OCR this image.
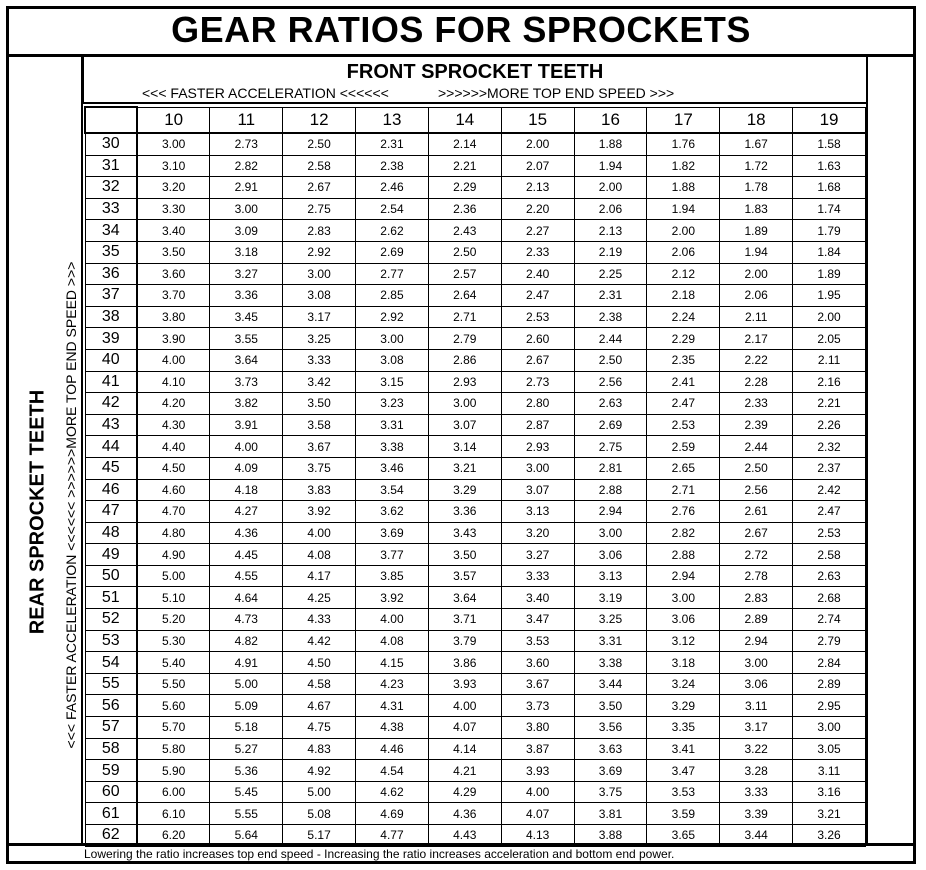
GEAR RATIOS FOR SPROCKETS
FRONT SPROCKET TEETH
<<< FASTER ACCELERATION <<<<<<	>>>>>>MORE TOP END SPEED >>>
REAR SPROCKET TEETH <<< FASTER ACCELERATION <<<<<< >>>>>>MORE TOP END SPEED >>>
	10	11	12	13	14	15	16	17	18	19
30	3.00	2.73	2.50	2.31	2.14	2.00	1.88	1.76	1.67	1.58
31	3.10	2.82	2.58	2.38	2.21	2.07	1.94	1.82	1.72	1.63
32	3.20	2.91	2.67	2.46	2.29	2.13	2.00	1.88	1.78	1.68
33	3.30	3.00	2.75	2.54	2.36	2.20	2.06	1.94	1.83	1.74
34	3.40	3.09	2.83	2.62	2.43	2.27	2.13	2.00	1.89	1.79
35	3.50	3.18	2.92	2.69	2.50	2.33	2.19	2.06	1.94	1.84
36	3.60	3.27	3.00	2.77	2.57	2.40	2.25	2.12	2.00	1.89
37	3.70	3.36	3.08	2.85	2.64	2.47	2.31	2.18	2.06	1.95
38	3.80	3.45	3.17	2.92	2.71	2.53	2.38	2.24	2.11	2.00
39	3.90	3.55	3.25	3.00	2.79	2.60	2.44	2.29	2.17	2.05
40	4.00	3.64	3.33	3.08	2.86	2.67	2.50	2.35	2.22	2.11
41	4.10	3.73	3.42	3.15	2.93	2.73	2.56	2.41	2.28	2.16
42	4.20	3.82	3.50	3.23	3.00	2.80	2.63	2.47	2.33	2.21
43	4.30	3.91	3.58	3.31	3.07	2.87	2.69	2.53	2.39	2.26
44	4.40	4.00	3.67	3.38	3.14	2.93	2.75	2.59	2.44	2.32
45	4.50	4.09	3.75	3.46	3.21	3.00	2.81	2.65	2.50	2.37
46	4.60	4.18	3.83	3.54	3.29	3.07	2.88	2.71	2.56	2.42
47	4.70	4.27	3.92	3.62	3.36	3.13	2.94	2.76	2.61	2.47
48	4.80	4.36	4.00	3.69	3.43	3.20	3.00	2.82	2.67	2.53
49	4.90	4.45	4.08	3.77	3.50	3.27	3.06	2.88	2.72	2.58
50	5.00	4.55	4.17	3.85	3.57	3.33	3.13	2.94	2.78	2.63
51	5.10	4.64	4.25	3.92	3.64	3.40	3.19	3.00	2.83	2.68
52	5.20	4.73	4.33	4.00	3.71	3.47	3.25	3.06	2.89	2.74
53	5.30	4.82	4.42	4.08	3.79	3.53	3.31	3.12	2.94	2.79
54	5.40	4.91	4.50	4.15	3.86	3.60	3.38	3.18	3.00	2.84
55	5.50	5.00	4.58	4.23	3.93	3.67	3.44	3.24	3.06	2.89
56	5.60	5.09	4.67	4.31	4.00	3.73	3.50	3.29	3.11	2.95
57	5.70	5.18	4.75	4.38	4.07	3.80	3.56	3.35	3.17	3.00
58	5.80	5.27	4.83	4.46	4.14	3.87	3.63	3.41	3.22	3.05
59	5.90	5.36	4.92	4.54	4.21	3.93	3.69	3.47	3.28	3.11
60	6.00	5.45	5.00	4.62	4.29	4.00	3.75	3.53	3.33	3.16
61	6.10	5.55	5.08	4.69	4.36	4.07	3.81	3.59	3.39	3.21
62	6.20	5.64	5.17	4.77	4.43	4.13	3.88	3.65	3.44	3.26
Lowering the ratio increases top end speed - Increasing the ratio increases acceleration and bottom end power.
